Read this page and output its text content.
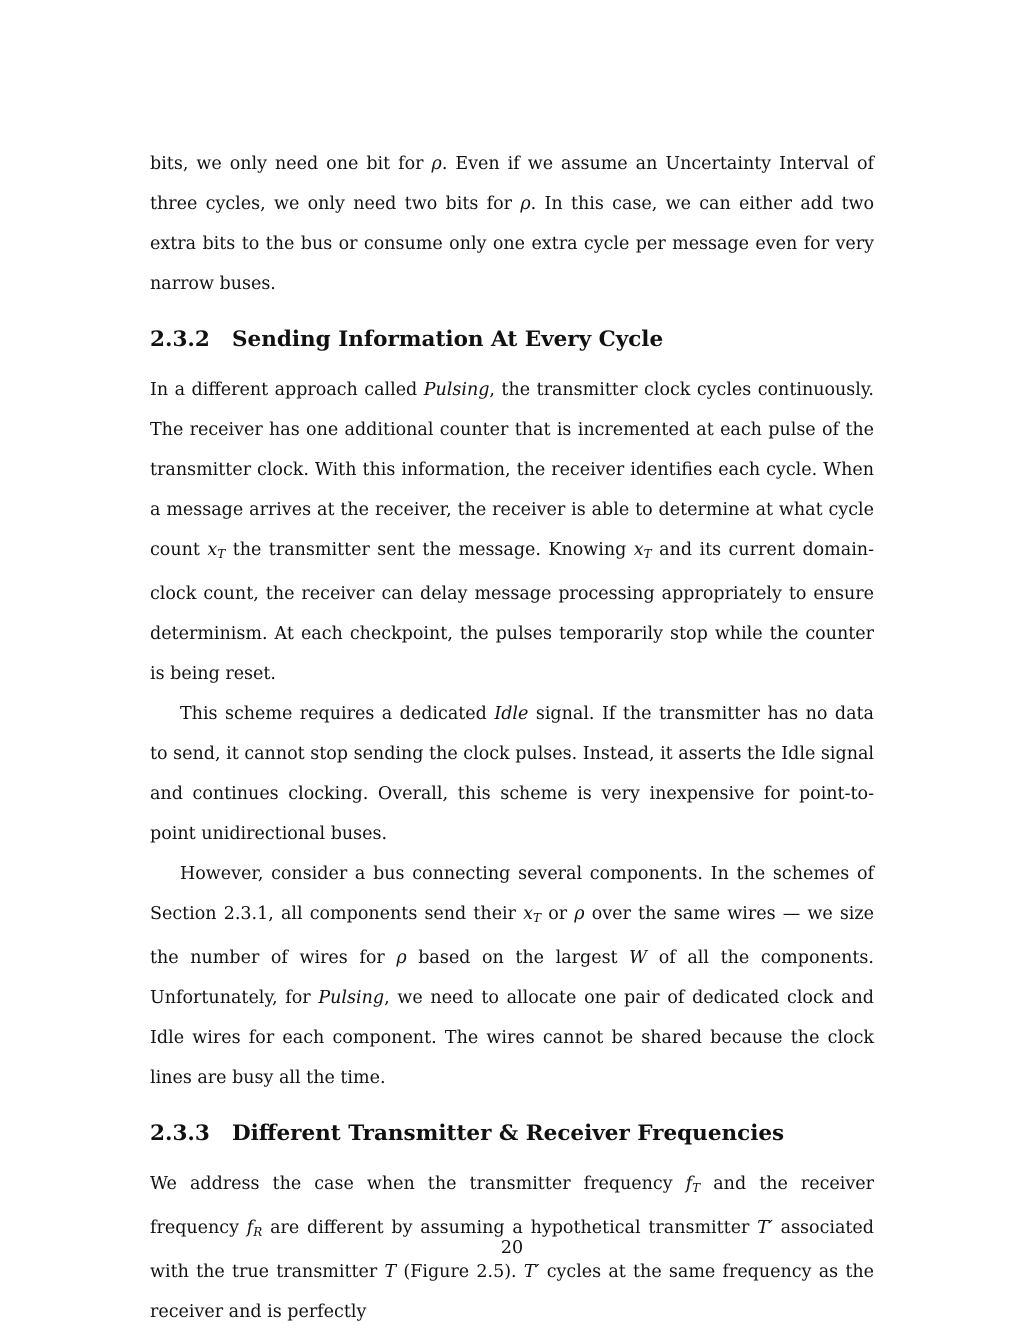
bits, we only need one bit for ρ. Even if we assume an Uncertainty Interval of three cycles, we only need two bits for ρ. In this case, we can either add two extra bits to the bus or consume only one extra cycle per message even for very narrow buses.

2.3.2 Sending Information At Every Cycle

In a different approach called Pulsing, the transmitter clock cycles continuously. The receiver has one additional counter that is incremented at each pulse of the transmitter clock. With this information, the receiver identifies each cycle. When a message arrives at the receiver, the receiver is able to determine at what cycle count $x_T$ the transmitter sent the message. Knowing $x_T$ and its current domain-clock count, the receiver can delay message processing appropriately to ensure determinism. At each checkpoint, the pulses temporarily stop while the counter is being reset.

This scheme requires a dedicated Idle signal. If the transmitter has no data to send, it cannot stop sending the clock pulses. Instead, it asserts the Idle signal and continues clocking. Overall, this scheme is very inexpensive for point-to-point unidirectional buses.

However, consider a bus connecting several components. In the schemes of Section 2.3.1, all components send their $x_T$ or ρ over the same wires — we size the number of wires for ρ based on the largest W of all the components. Unfortunately, for Pulsing, we need to allocate one pair of dedicated clock and Idle wires for each component. The wires cannot be shared because the clock lines are busy all the time.

2.3.3 Different Transmitter & Receiver Frequencies

We address the case when the transmitter frequency $f_T$ and the receiver frequency $f_R$ are different by assuming a hypothetical transmitter T′ associated with the true transmitter T (Figure 2.5). T′ cycles at the same frequency as the receiver and is perfectly

20
